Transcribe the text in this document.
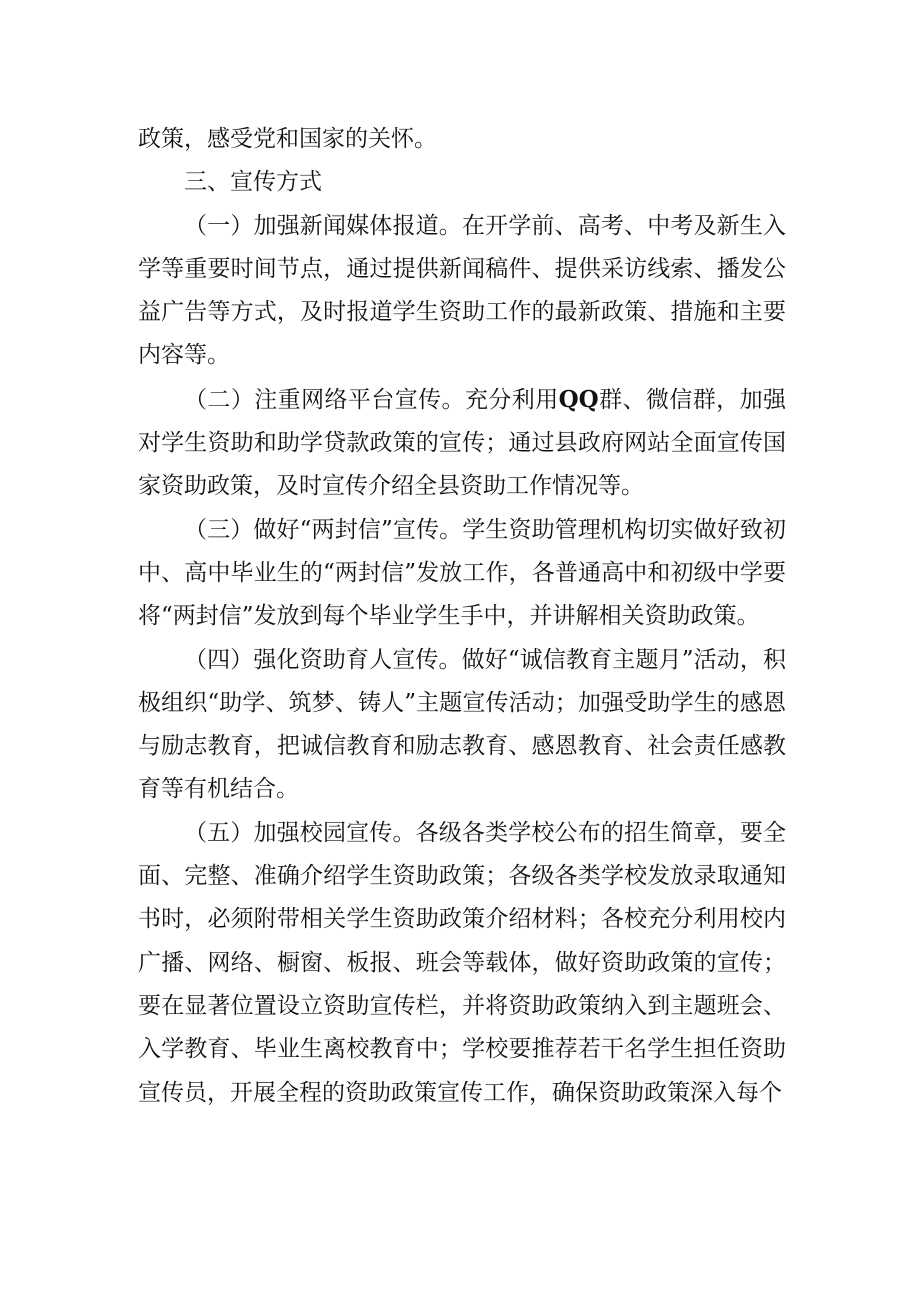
政策，感受党和国家的关怀。

三、宣传方式

（一）加强新闻媒体报道。在开学前、高考、中考及新生入学等重要时间节点，通过提供新闻稿件、提供采访线索、播发公益广告等方式，及时报道学生资助工作的最新政策、措施和主要内容等。

（二）注重网络平台宣传。充分利用QQ群、微信群，加强对学生资助和助学贷款政策的宣传；通过县政府网站全面宣传国家资助政策，及时宣传介绍全县资助工作情况等。

（三）做好“两封信”宣传。学生资助管理机构切实做好致初中、高中毕业生的“两封信”发放工作，各普通高中和初级中学要将“两封信”发放到每个毕业学生手中，并讲解相关资助政策。

（四）强化资助育人宣传。做好“诚信教育主题月”活动，积极组织“助学、筑梦、铸人”主题宣传活动；加强受助学生的感恩与励志教育，把诚信教育和励志教育、感恩教育、社会责任感教育等有机结合。

（五）加强校园宣传。各级各类学校公布的招生简章，要全面、完整、准确介绍学生资助政策；各级各类学校发放录取通知书时，必须附带相关学生资助政策介绍材料；各校充分利用校内广播、网络、橱窗、板报、班会等载体，做好资助政策的宣传；要在显著位置设立资助宣传栏，并将资助政策纳入到主题班会、入学教育、毕业生离校教育中；学校要推荐若干名学生担任资助宣传员，开展全程的资助政策宣传工作，确保资助政策深入每个
